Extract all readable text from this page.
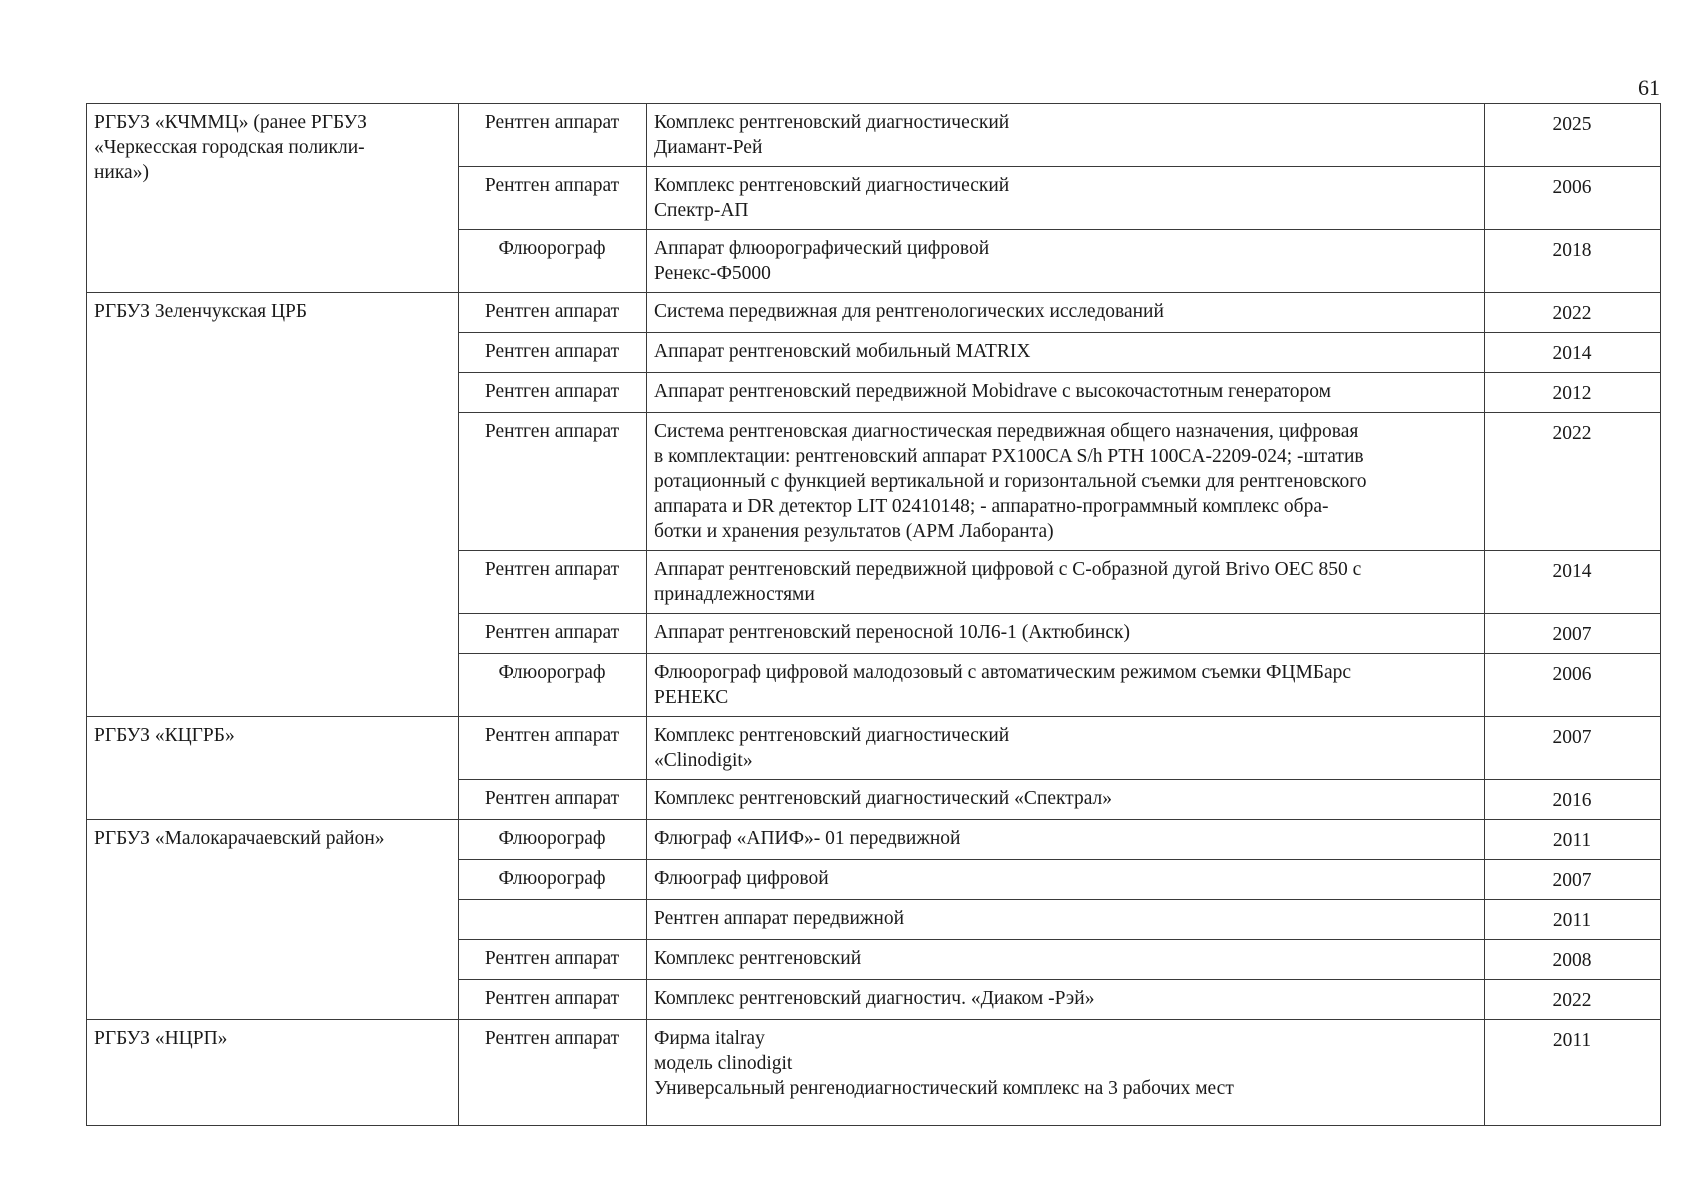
61
РГБУЗ «КЧММЦ» (ранее РГБУЗ
«Черкесская городская поликли-
ника»)	Рентген аппарат	Комплекс рентгеновский диагностический
Диамант-Рей	2025
	Рентген аппарат	Комплекс рентгеновский диагностический
Спектр-АП	2006
	Флюорограф	Аппарат флюорографический цифровой
Ренекс-Ф5000	2018

РГБУЗ Зеленчукская ЦРБ	Рентген аппарат	Система передвижная для рентгенологических исследований	2022
	Рентген аппарат	Аппарат рентгеновский мобильный MATRIX	2014
	Рентген аппарат	Аппарат рентгеновский передвижной Mobidrave с высокочастотным генератором	2012
	Рентген аппарат	Система рентгеновская диагностическая передвижная общего назначения, цифровая
в комплектации: рентгеновский аппарат PX100CA S/h PTH 100CA-2209-024; -штатив
ротационный с функцией вертикальной и горизонтальной съемки для рентгеновского
аппарата и DR детектор LIT 02410148; - аппаратно-программный комплекс обра-
ботки и хранения результатов (АРМ Лаборанта)	2022
	Рентген аппарат	Аппарат рентгеновский передвижной цифровой с С-образной дугой Brivo OEC 850 с
принадлежностями	2014
	Рентген аппарат	Аппарат рентгеновский переносной 10Л6-1 (Актюбинск)	2007
	Флюорограф	Флюорограф цифровой малодозовый с автоматическим режимом съемки ФЦМБарс
РЕНЕКС	2006

РГБУЗ «КЦГРБ»	Рентген аппарат	Комплекс рентгеновский диагностический
«Clinodigit»	2007
	Рентген аппарат	Комплекс рентгеновский диагностический «Спектрал»	2016

РГБУЗ «Малокарачаевский район»	Флюорограф	Флюграф «АПИФ»- 01 передвижной	2011
	Флюорограф	Флюограф цифровой	2007

		Рентген аппарат передвижной	2011
	Рентген аппарат	Комплекс рентгеновский	2008
	Рентген аппарат	Комплекс рентгеновский диагностич. «Диаком -Рэй»	2022

РГБУЗ «НЦРП»	Рентген аппарат	Фирма italray
модель clinodigit
Универсальный ренгенодиагностический комплекс на 3 рабочих мест	2011
